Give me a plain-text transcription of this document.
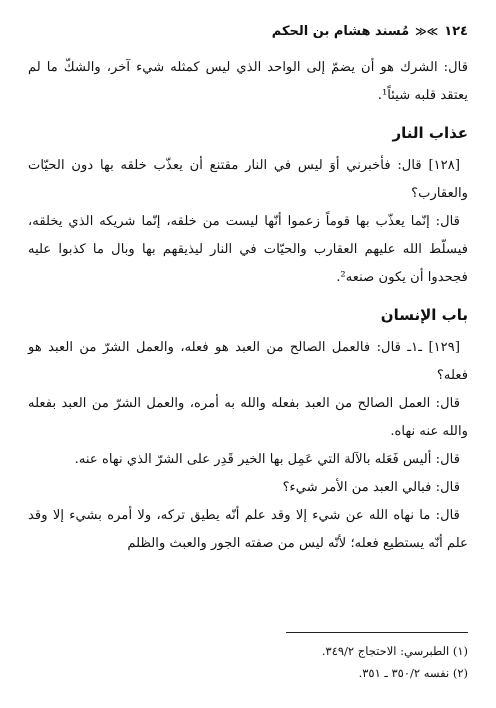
١٢٤
≫≪
مُسند هشام بن الحكم

قال: الشرك هو أن يضمّ إلى الواحد الذي ليس كمثله شيء آخر، والشكّ ما لم يعتقد قلبه شيئاً¹.

عذاب النار

[١٢٨] قال: فأخبرني أوَ ليس في النار مقتنع أن يعذّب خلقه بها دون الحيّات والعقارب؟

قال: إنّما يعذّب بها قوماً زعموا أنّها ليست من خلقه، إنّما شريكه الذي يخلقه، فيسلّط الله عليهم العقارب والحيّات في النار ليذيقهم بها وبال ما كذبوا عليه فجحدوا أن يكون صنعه².

باب الإنسان

[١٢٩] ـ١ـ قال: فالعمل الصالح من العبد هو فعله، والعمل الشرّ من العبد هو فعله؟

قال: العمل الصالح من العبد بفعله والله به أمره، والعمل الشرّ من العبد بفعله والله عنه نهاه.

قال: أليس فَعَله بالآلة التي عَمِل بها الخير قَدِر على الشرّ الذي نهاه عنه.

قال: فبالي العبد من الأمر شيء؟

قال: ما نهاه الله عن شيء إلا وقد علم أنّه يطيق تركه، ولا أمره بشيء إلا وقد علم أنّه يستطيع فعله؛ لأنّه ليس من صفته الجور والعبث والظلم

(١) الطبرسي: الاحتجاج ٣٤٩/٢.

(٢) نفسه ٣٥٠/٢ ـ ٣٥١.
